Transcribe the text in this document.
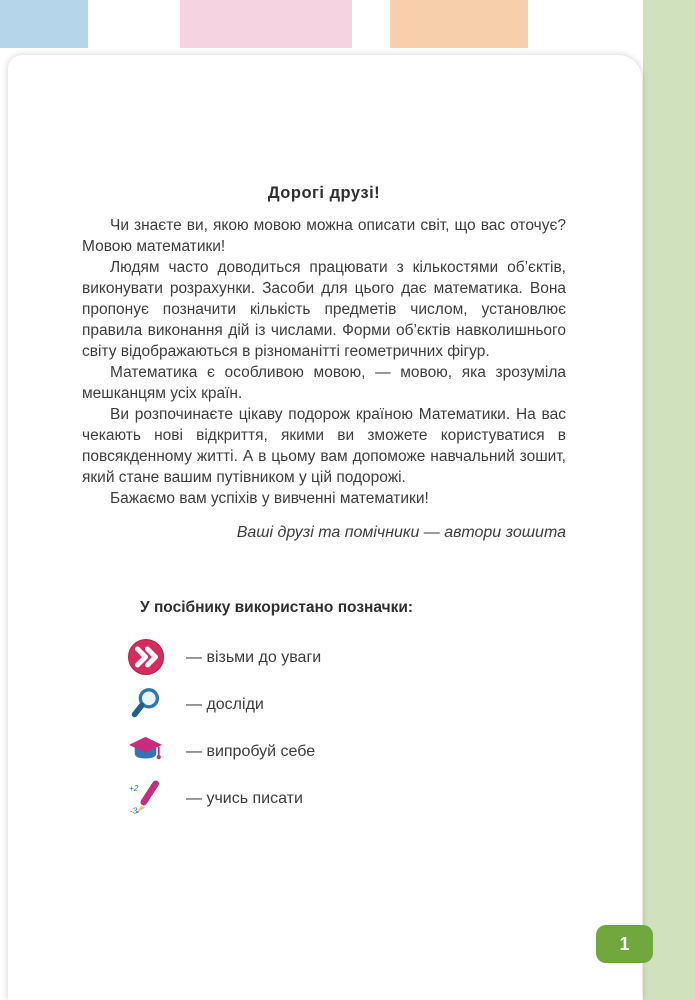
Дорогі друзі!

Чи знаєте ви, якою мовою можна описати світ, що вас оточує? Мовою математики!

Людям часто доводиться працювати з кількостями об’єктів, виконувати розрахунки. Засоби для цього дає математика. Вона пропонує позначити кількість предметів числом, установлює правила виконання дій із числами. Форми об’єктів навколишнього світу відображаються в різноманітті геометричних фігур.

Математика є особливою мовою, — мовою, яка зрозуміла мешканцям усіх країн.

Ви розпочинаєте цікаву подорож країною Математики. На вас чекають нові відкриття, якими ви зможете користуватися в повсякденному житті. А в цьому вам допоможе навчальний зошит, який стане вашим путівником у цій подорожі.

Бажаємо вам успіхів у вивченні математики!

Ваші друзі та помічники — автори зошита
У посібнику використано позначки:
— візьми до уваги
— досліди
— випробуй себе
+2
-3
— учись писати
1
